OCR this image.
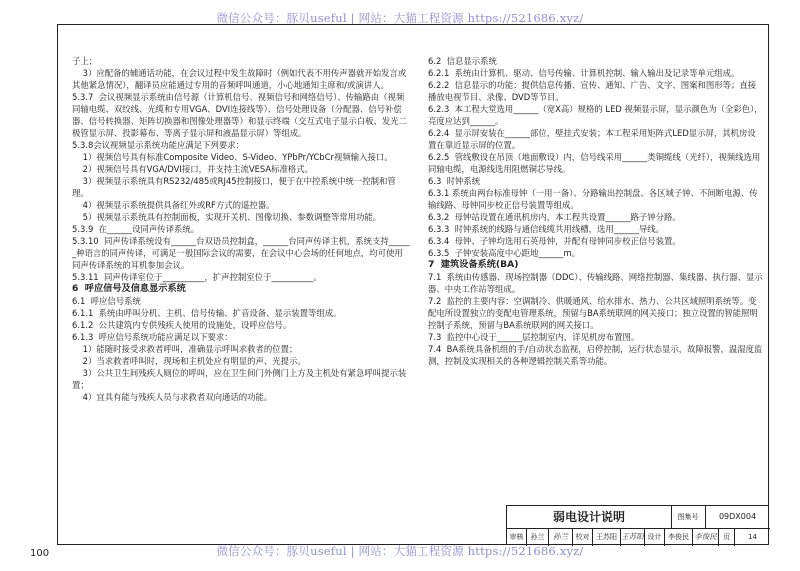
微信公众号：豚贝useful | 网站：大猫工程资源 https://521686.xyz/

子上；

3）应配备的辅通话功能，在会议过程中发生故障时（例如代表不用传声器就开始发言或其他紧急情况），翻译员应能通过专用的音频呼叫通道，小心地通知主席和/或演讲人。

5.3.7  会议视频显示系统由信号源（计算机信号、视频信号和网络信号）、传输路由（视频同轴电缆、双绞线、光缆和专用VGA、DVI连接线等）、信号处理设备（分配器、信号补偿器、信号转换器、矩阵切换器和图像处理器等）和显示终端（交互式电子显示白板、发光二极管显示屏、投影幕布、等离子显示屏和液晶显示屏）等组成。

5.3.8会议视频显示系统功能应满足下列要求：

1）视频信号具有标准Composite Video、S-Video、YPbPr/YCbCr视频输入接口。

2）视频信号具有VGA/DVI接口，并支持主流VESA标准格式。

3）视频显示系统具有RS232/485或RJ45控制接口，便于在中控系统中统一控制和管理。

4）视频显示系统提供具备红外或RF方式的遥控器。

5）视频显示系统具有控制面板，实现开关机、图像切换、参数调整等常用功能。

5.3.9  在______设同声传译系统。

5.3.10  同声传译系统设有______台双语员控制盒，______台同声传译主机，系统支持______种语言的同声传译，可满足一般国际会议的需要，在会议中心会场的任何地点，均可使用同声传译系统的耳机参加会议。

5.3.11  同声传译室位于__________，扩声控制室位于__________。

6  呼应信号及信息显示系统

6.1  呼应信号系统

6.1.1  系统由呼叫分机、主机、信号传输、扩音设备、显示装置等组成。

6.1.2  公共建筑内专供残疾人使用的设施处，设呼应信号。

6.1.3  呼应信号系统功能应满足以下要求：

1）能随时接受求救者呼叫，准确显示呼叫求救者的位置；

2）当求救者呼叫时，现场和主机处应有明显的声、光提示。

3）公共卫生间残疾人厕位的呼叫，应在卫生间门外侧门上方及主机处有紧急呼叫提示装置；

4）宜具有能与残疾人员与求救者双向通话的功能。

6.2  信息显示系统

6.2.1  系统由计算机、驱动、信号传输、计算机控制、输入输出及记录等单元组成。

6.2.2  信息显示的功能：提供信息传播、宣传、通知、广告、文字、图案和图形等；直接播放电视节目、录像、DVD等节目。

6.2.3  本工程大堂选用______（宽X高）规格的 LED 视频显示屏，显示颜色为（全彩色），亮度应达到______。

6.2.4  显示屏安装在______部位，壁挂式安装；本工程采用矩阵式LED显示屏，其机房设置在靠近显示屏的位置。

6.2.5  管线敷设在吊顶（地面敷设）内，信号线采用______类铜缆线（光纤），视频线选用同轴电缆，电源线选用阻燃铜芯导线。

6.3  时钟系统

6.3.1 系统由两台标准母钟（一用一备）、分路输出控制盘、各区域子钟、不间断电源、传输线路、母钟同步校正信号装置等组成。

6.3.2  母钟站设置在通讯机房内，本工程共设置______路子钟分路。

6.3.3  时钟系统的线路与通信线缆共用线槽，选用______导线。

6.3.4  母钟、子钟均选用石英母钟，并配有母钟同步校正信号装置。

6.3.5  子钟安装高度中心距地______m。

7  建筑设备系统(BA)

7.1  系统由传感器、现场控制器（DDC）、传输线路、网络控制器、集线器、执行器、显示器、中央工作站等组成。

7.2  监控的主要内容：空调制冷、供暖通风、给水排水、热力、公共区域照明系统等。变配电所设置独立的变配电管理系统，预留与BA系统联网的网关接口；独立设置的智能照明控制子系统，预留与BA系统联网的网关接口。

7.3  监控中心设于______层控制室内，详见机房布置图。

7.4  BA系统具备机组的手/自动状态监视，启停控制，运行状态显示，故障报警，温湿度监测，控制及实现相关的各种逻辑控制关系等功能。

弱电设计说明	图集号	09DX004
审核	孙兰	孙兰	校对 王苏阳 王苏阳 设计 李俊民 李俊民 页	14
微信公众号：豚贝useful | 网站：大猫工程资源 https://521686.xyz/
100
